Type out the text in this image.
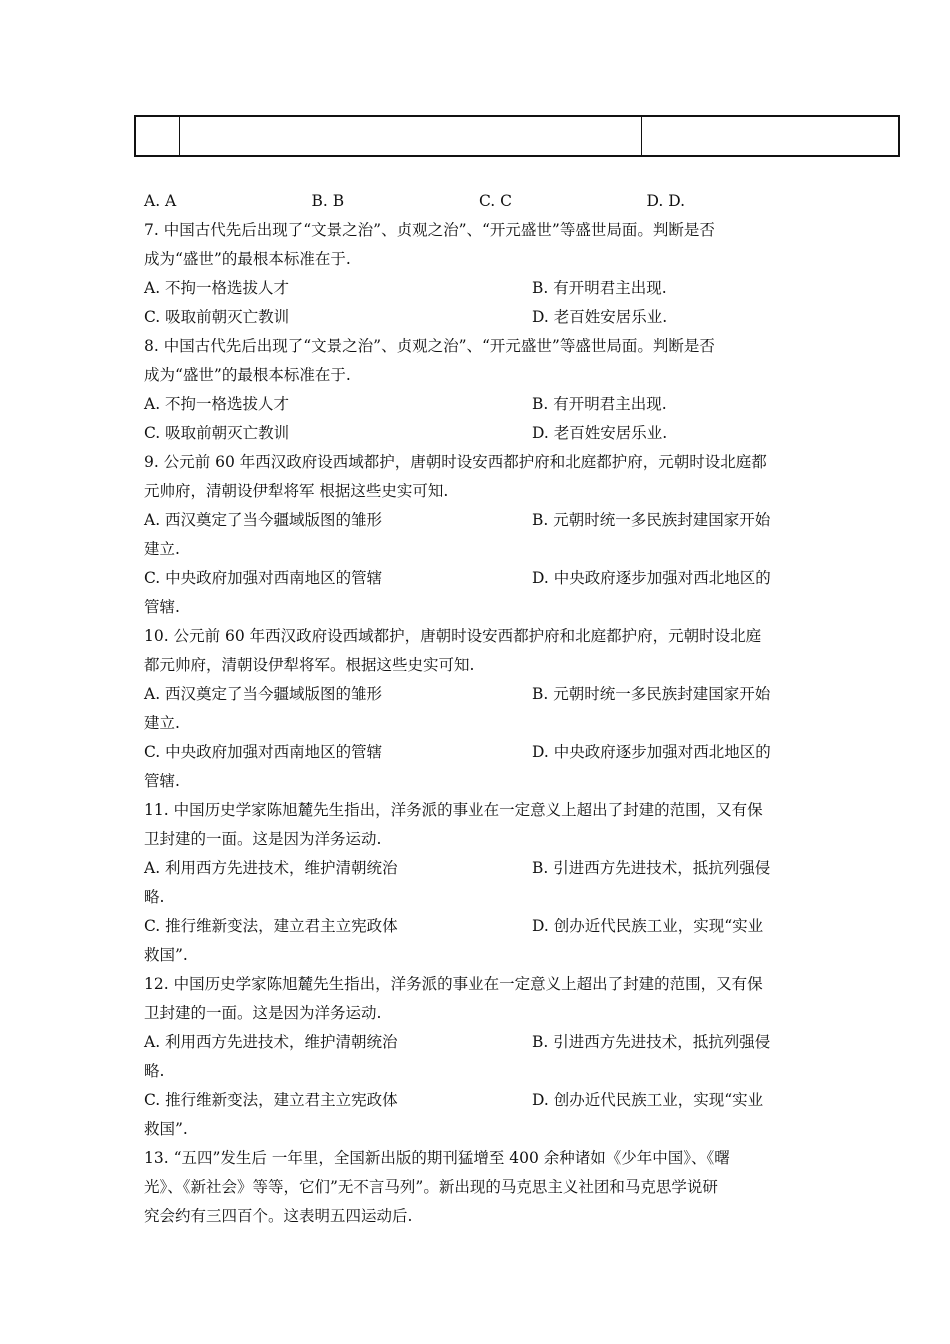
A. A	B. B	C. C	D. D.
7. 中国古代先后出现了“文景之治”、贞观之治”、“开元盛世”等盛世局面。判断是否
成为“盛世”的最根本标准在于.
A. 不拘一格选拔人才	B. 有开明君主出现.
C. 吸取前朝灭亡教训	D. 老百姓安居乐业.
8. 中国古代先后出现了“文景之治”、贞观之治”、“开元盛世”等盛世局面。判断是否
成为“盛世”的最根本标准在于.
A. 不拘一格选拔人才	B. 有开明君主出现.
C. 吸取前朝灭亡教训	D. 老百姓安居乐业.
9. 公元前 60 年西汉政府设西域都护，唐朝时设安西都护府和北庭都护府，元朝时设北庭都
元帅府，清朝设伊犁将军 根据这些史实可知.
A. 西汉奠定了当今疆域版图的雏形	B. 元朝时统一多民族封建国家开始
建立.
C. 中央政府加强对西南地区的管辖	D. 中央政府逐步加强对西北地区的
管辖.
10. 公元前 60 年西汉政府设西域都护，唐朝时设安西都护府和北庭都护府，元朝时设北庭
都元帅府，清朝设伊犁将军。根据这些史实可知.
A. 西汉奠定了当今疆域版图的雏形	B. 元朝时统一多民族封建国家开始
建立.
C. 中央政府加强对西南地区的管辖	D. 中央政府逐步加强对西北地区的
管辖.
11. 中国历史学家陈旭麓先生指出，洋务派的事业在一定意义上超出了封建的范围，又有保
卫封建的一面。这是因为洋务运动.
A. 利用西方先进技术，维护清朝统治	B. 引进西方先进技术，抵抗列强侵
略.
C. 推行维新变法，建立君主立宪政体	D. 创办近代民族工业，实现“实业
救国”.
12. 中国历史学家陈旭麓先生指出，洋务派的事业在一定意义上超出了封建的范围，又有保
卫封建的一面。这是因为洋务运动.
A. 利用西方先进技术，维护清朝统治	B. 引进西方先进技术，抵抗列强侵
略.
C. 推行维新变法，建立君主立宪政体	D. 创办近代民族工业，实现“实业
救国”.
13. “五四”发生后 一年里，全国新出版的期刊猛增至 400 余种诸如《少年中国》、《曙
光》、《新社会》等等，它们”无不言马列”。新出现的马克思主义社团和马克思学说研
究会约有三四百个。这表明五四运动后.
